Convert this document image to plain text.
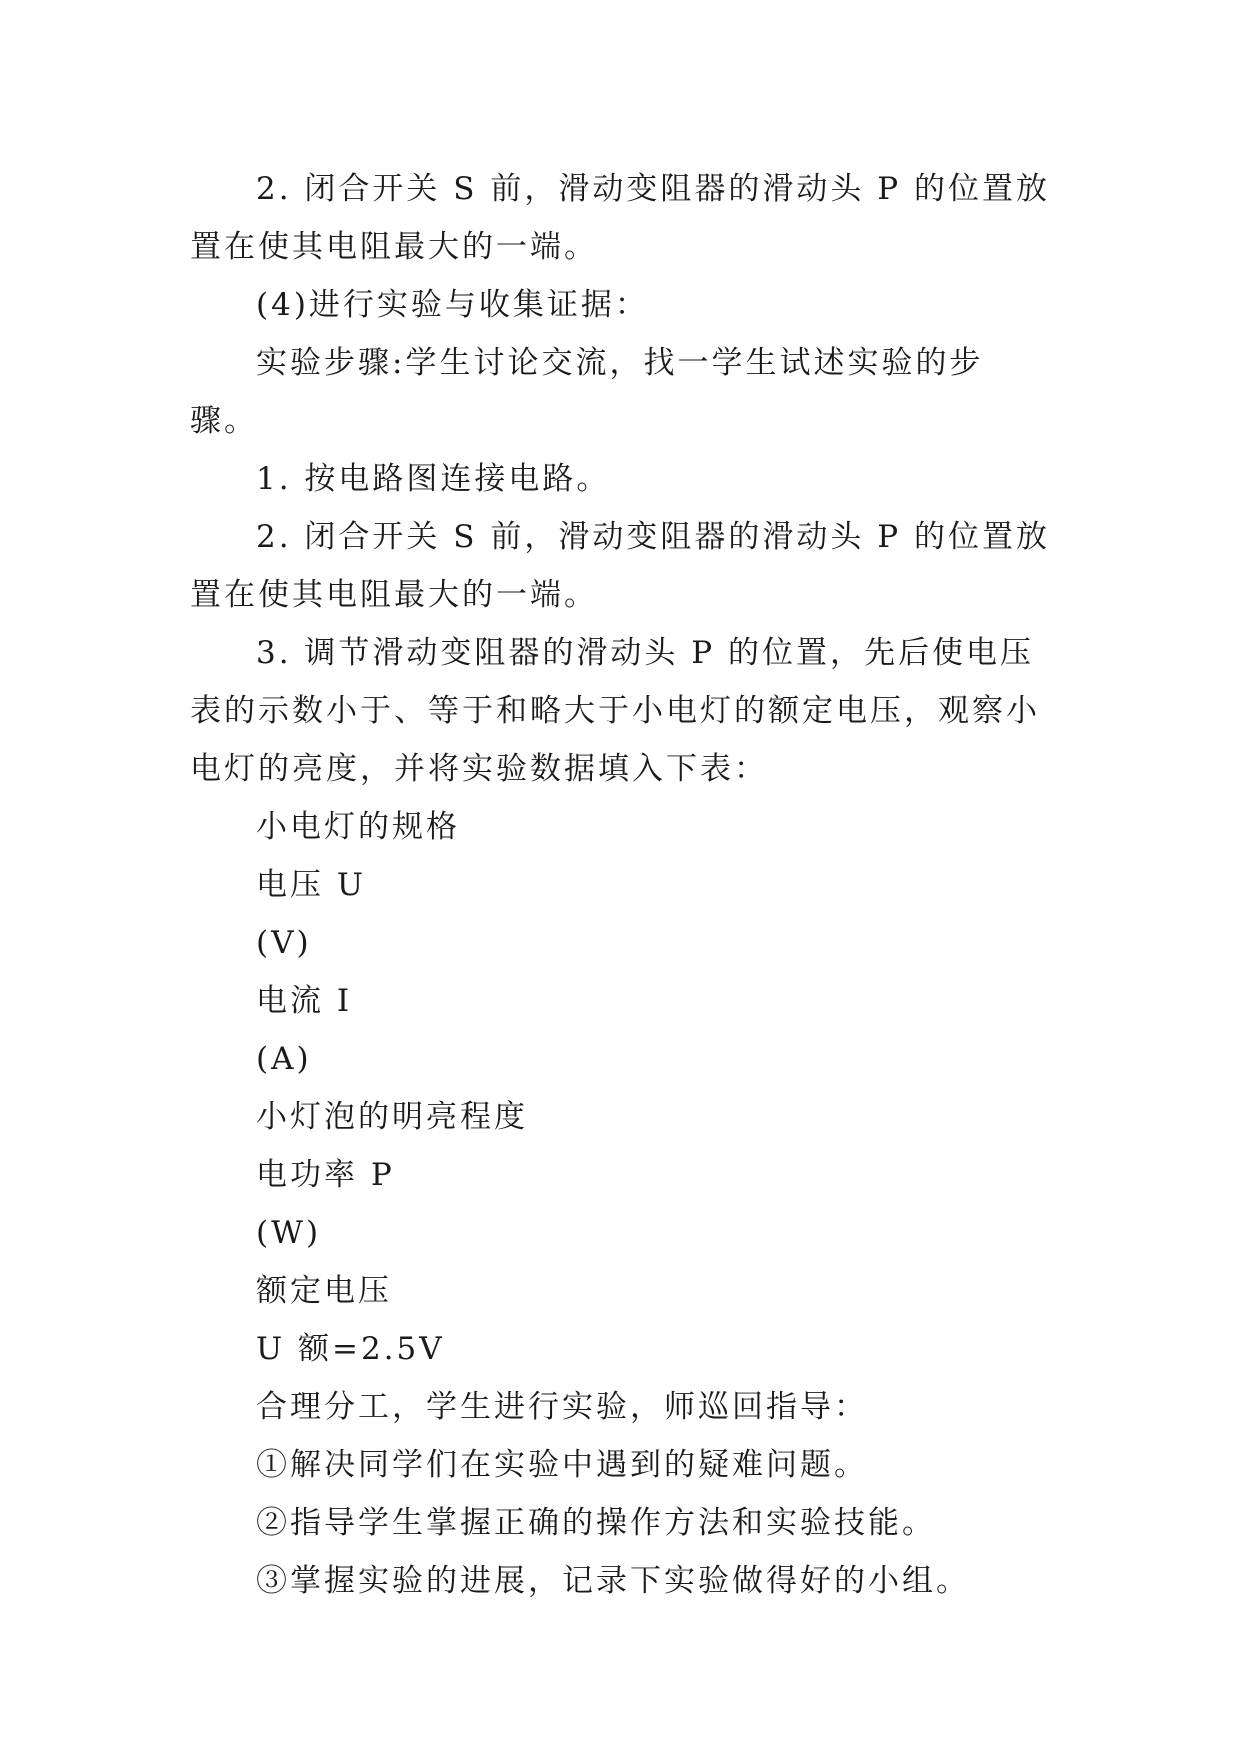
2. 闭合开关 S 前，滑动变阻器的滑动头 P 的位置放置在使其电阻最大的一端。

(4)进行实验与收集证据：

实验步骤:学生讨论交流，找一学生试述实验的步骤。

1. 按电路图连接电路。

2. 闭合开关 S 前，滑动变阻器的滑动头 P 的位置放置在使其电阻最大的一端。

3. 调节滑动变阻器的滑动头 P 的位置，先后使电压表的示数小于、等于和略大于小电灯的额定电压，观察小电灯的亮度，并将实验数据填入下表：

小电灯的规格

电压 U

(V)

电流 I

(A)

小灯泡的明亮程度

电功率 P

(W)

额定电压

U 额=2.5V

合理分工，学生进行实验，师巡回指导：

①解决同学们在实验中遇到的疑难问题。

②指导学生掌握正确的操作方法和实验技能。

③掌握实验的进展，记录下实验做得好的小组。
